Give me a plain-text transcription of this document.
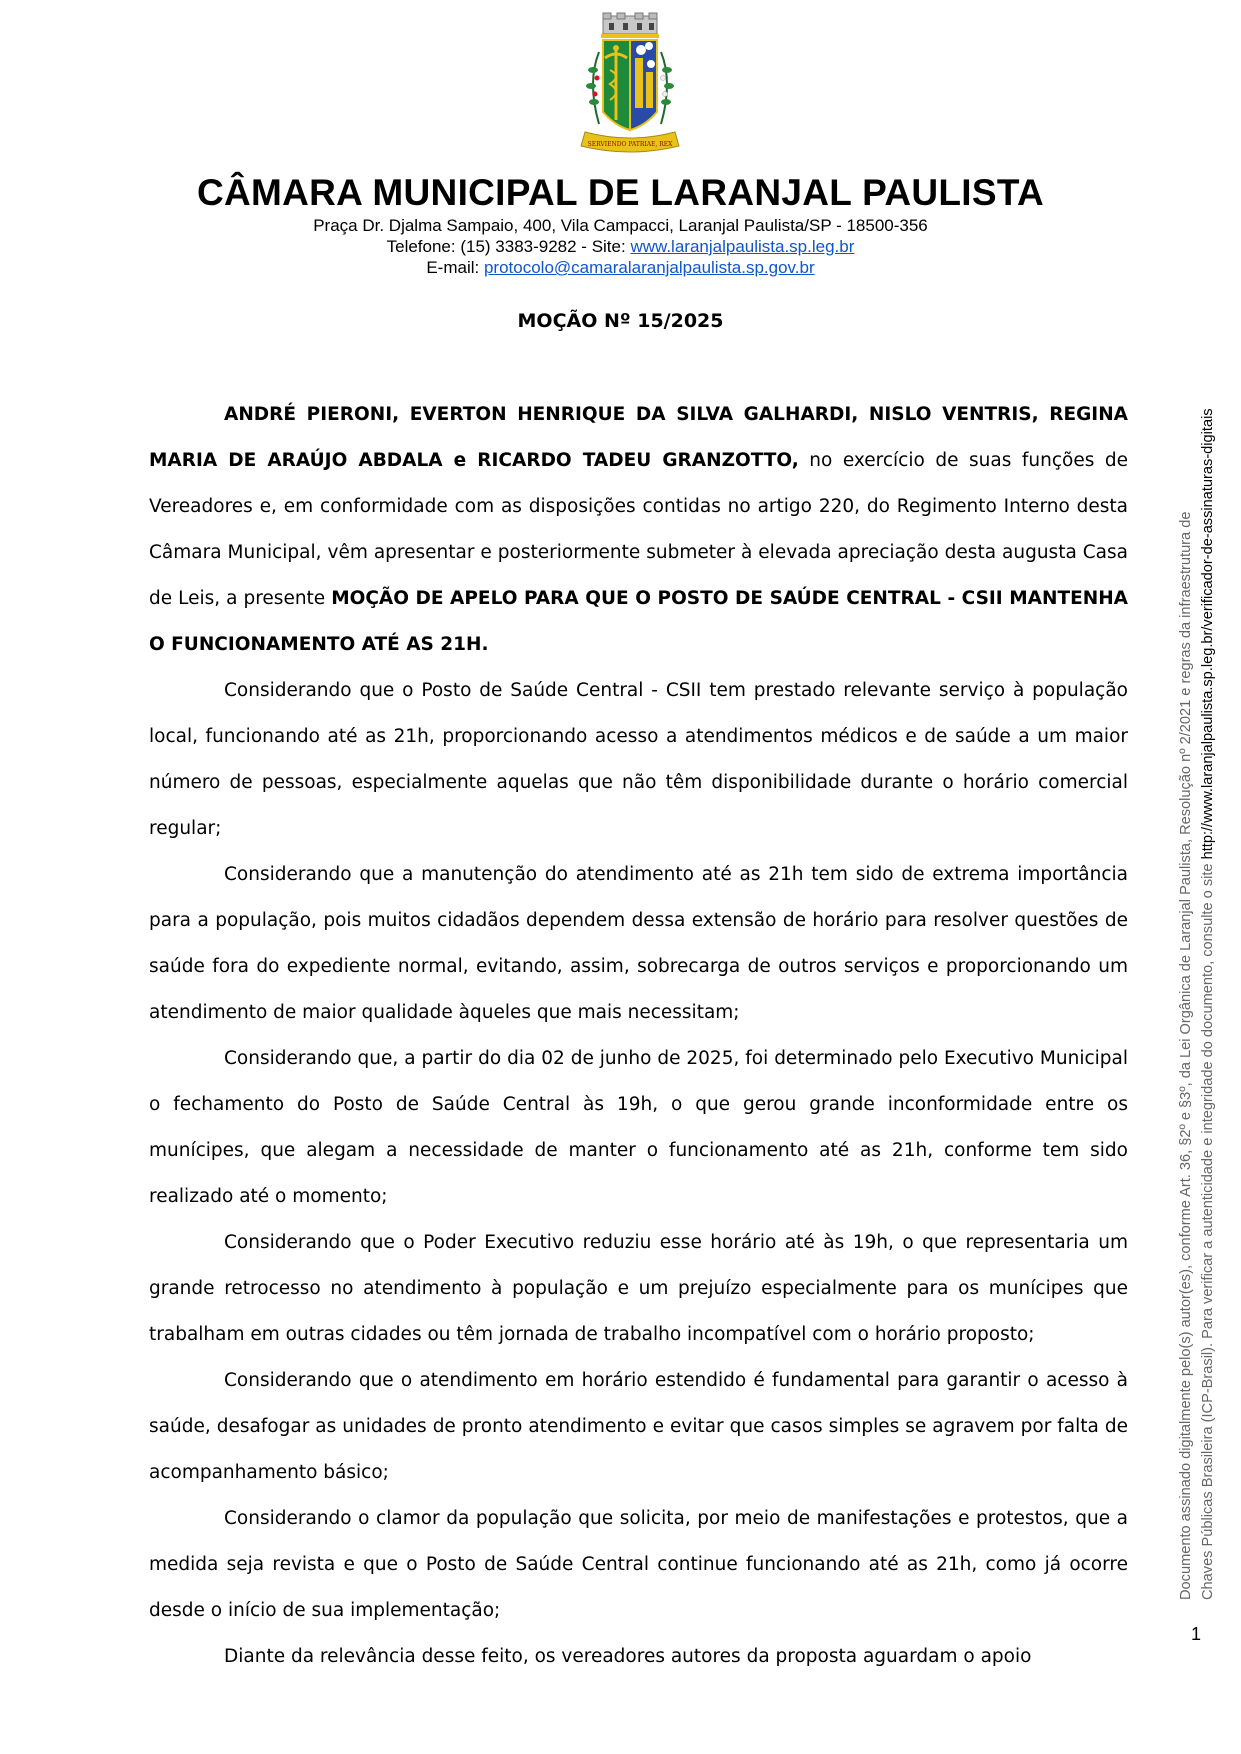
SERVIENDO PATRIAE, REX
CÂMARA MUNICIPAL DE LARANJAL PAULISTA
Praça Dr. Djalma Sampaio, 400, Vila Campacci, Laranjal Paulista/SP - 18500-356
Telefone: (15) 3383-9282 - Site: www.laranjalpaulista.sp.leg.br
E-mail: protocolo@camaralaranjalpaulista.sp.gov.br
MOÇÃO Nº 15/2025

ANDRÉ PIERONI, EVERTON HENRIQUE DA SILVA GALHARDI, NISLO VENTRIS, REGINA MARIA DE ARAÚJO ABDALA e RICARDO TADEU GRANZOTTO, no exercício de suas funções de Vereadores e, em conformidade com as disposições contidas no artigo 220, do Regimento Interno desta Câmara Municipal, vêm apresentar e posteriormente submeter à elevada apreciação desta augusta Casa de Leis, a presente MOÇÃO DE APELO PARA QUE O POSTO DE SAÚDE CENTRAL - CSII MANTENHA O FUNCIONAMENTO ATÉ AS 21H.

Considerando que o Posto de Saúde Central - CSII tem prestado relevante serviço à população local, funcionando até as 21h, proporcionando acesso a atendimentos médicos e de saúde a um maior número de pessoas, especialmente aquelas que não têm disponibilidade durante o horário comercial regular;

Considerando que a manutenção do atendimento até as 21h tem sido de extrema importância para a população, pois muitos cidadãos dependem dessa extensão de horário para resolver questões de saúde fora do expediente normal, evitando, assim, sobrecarga de outros serviços e proporcionando um atendimento de maior qualidade àqueles que mais necessitam;

Considerando que, a partir do dia 02 de junho de 2025, foi determinado pelo Executivo Municipal o fechamento do Posto de Saúde Central às 19h, o que gerou grande inconformidade entre os munícipes, que alegam a necessidade de manter o funcionamento até as 21h, conforme tem sido realizado até o momento;

Considerando que o Poder Executivo reduziu esse horário até às 19h, o que representaria um grande retrocesso no atendimento à população e um prejuízo especialmente para os munícipes que trabalham em outras cidades ou têm jornada de trabalho incompatível com o horário proposto;

Considerando que o atendimento em horário estendido é fundamental para garantir o acesso à saúde, desafogar as unidades de pronto atendimento e evitar que casos simples se agravem por falta de acompanhamento básico;

Considerando o clamor da população que solicita, por meio de manifestações e protestos, que a medida seja revista e que o Posto de Saúde Central continue funcionando até as 21h, como já ocorre desde o início de sua implementação;

Diante da relevância desse feito, os vereadores autores da proposta aguardam o apoio

Documento assinado digitalmente pelo(s) autor(es), conforme Art. 36, §2º e §3º, da Lei Orgânica de Laranjal Paulista, Resolução nº 2/2021 e regras da infraestrutura de Chaves Públicas Brasileira (ICP-Brasil). Para verificar a autenticidade e integridade do documento, consulte o site http://www.laranjalpaulista.sp.leg.br/verificador-de-assinaturas-digitais
1
